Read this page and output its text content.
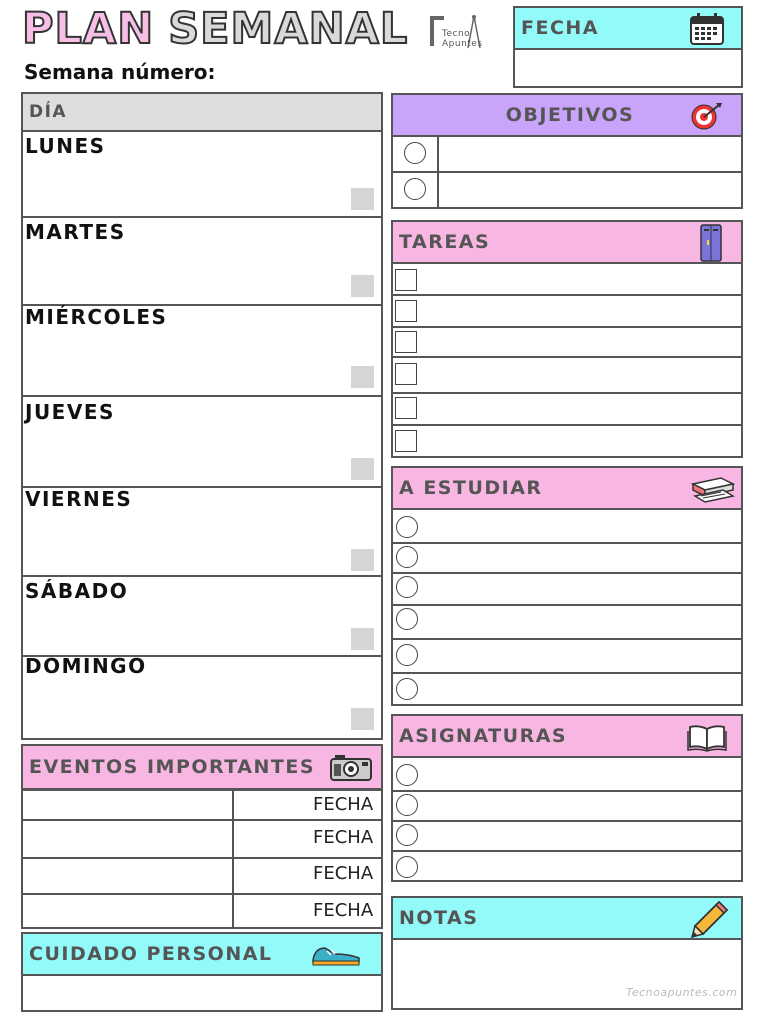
PLAN SEMANAL	Tecno Apuntes
Semana número:
FECHA
DÍA
LUNES
MARTES
MIÉRCOLES
JUEVES
VIERNES
SÁBADO
DOMINGO
EVENTOS IMPORTANTES
FECHA
FECHA
FECHA
FECHA
CUIDADO PERSONAL
OBJETIVOS
TAREAS
A ESTUDIAR
ASIGNATURAS
NOTAS
Tecnoapuntes.com
